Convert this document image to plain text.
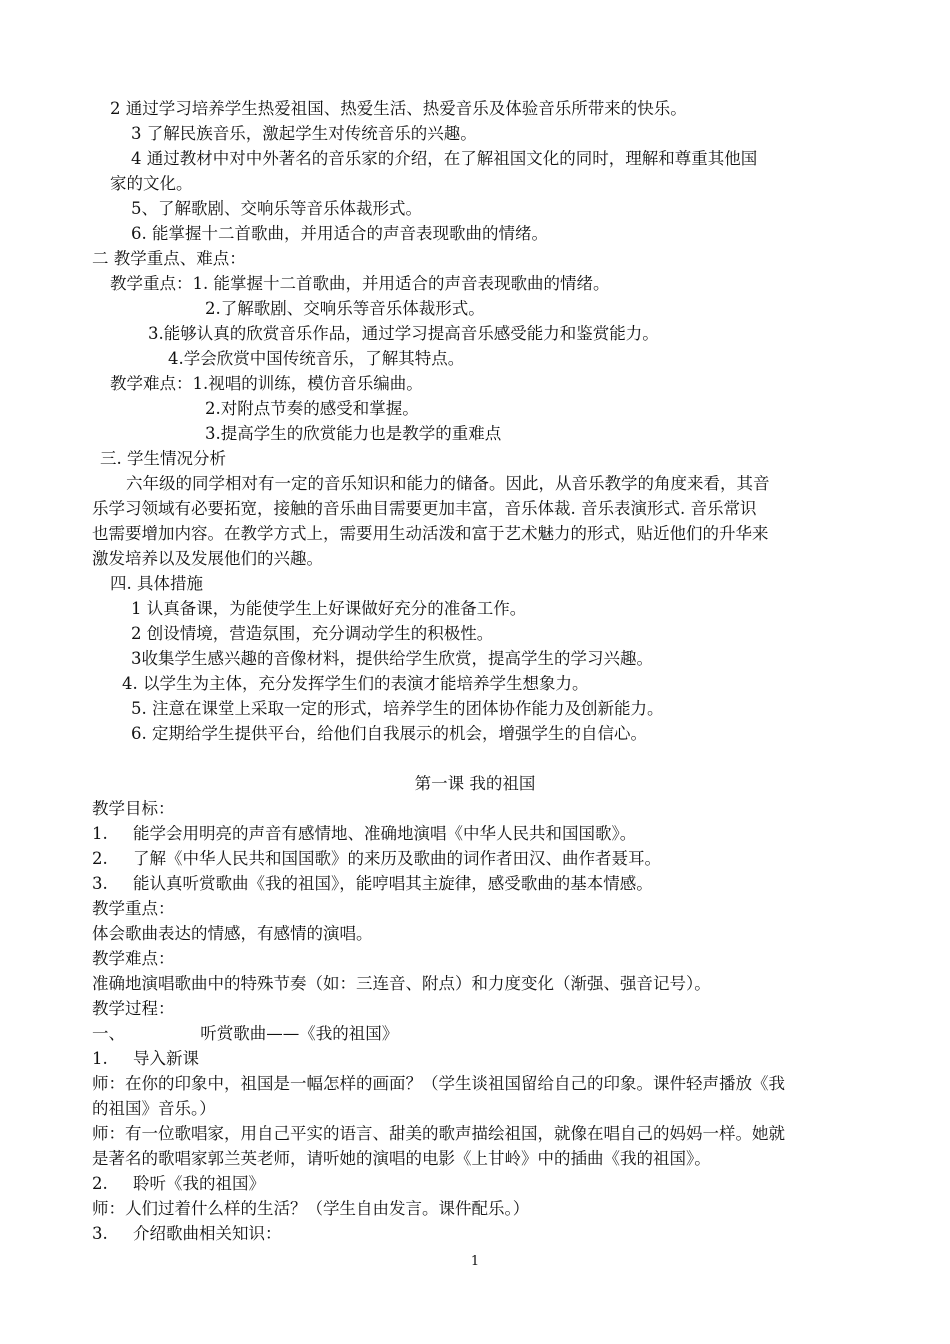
2 通过学习培养学生热爱祖国、热爱生活、热爱音乐及体验音乐所带来的快乐。
3 了解民族音乐，激起学生对传统音乐的兴趣。
4 通过教材中对中外著名的音乐家的介绍，在了解祖国文化的同时，理解和尊重其他国
家的文化。
5、了解歌剧、交响乐等音乐体裁形式。
6. 能掌握十二首歌曲，并用适合的声音表现歌曲的情绪。
二 教学重点、难点：
教学重点：1. 能掌握十二首歌曲，并用适合的声音表现歌曲的情绪。
2.了解歌剧、交响乐等音乐体裁形式。
3.能够认真的欣赏音乐作品，通过学习提高音乐感受能力和鉴赏能力。
4.学会欣赏中国传统音乐，了解其特点。
教学难点：1.视唱的训练，模仿音乐编曲。
2.对附点节奏的感受和掌握。
3.提高学生的欣赏能力也是教学的重难点
三. 学生情况分析
六年级的同学相对有一定的音乐知识和能力的储备。因此，从音乐教学的角度来看，其音
乐学习领域有必要拓宽，接触的音乐曲目需要更加丰富，音乐体裁. 音乐表演形式. 音乐常识
也需要增加内容。在教学方式上，需要用生动活泼和富于艺术魅力的形式，贴近他们的升华来
激发培养以及发展他们的兴趣。
四. 具体措施
1 认真备课，为能使学生上好课做好充分的准备工作。
2 创设情境，营造氛围，充分调动学生的积极性。
3收集学生感兴趣的音像材料，提供给学生欣赏，提高学生的学习兴趣。
4. 以学生为主体，充分发挥学生们的表演才能培养学生想象力。
5. 注意在课堂上采取一定的形式，培养学生的团体协作能力及创新能力。
6. 定期给学生提供平台，给他们自我展示的机会，增强学生的自信心。
第一课 我的祖国
教学目标：
1. 能学会用明亮的声音有感情地、准确地演唱《中华人民共和国国歌》。
2. 了解《中华人民共和国国歌》的来历及歌曲的词作者田汉、曲作者聂耳。
3. 能认真听赏歌曲《我的祖国》，能哼唱其主旋律，感受歌曲的基本情感。
教学重点：
体会歌曲表达的情感，有感情的演唱。
教学难点：
准确地演唱歌曲中的特殊节奏（如：三连音、附点）和力度变化（渐强、强音记号）。
教学过程：
一、	听赏歌曲——《我的祖国》
1. 导入新课
师：在你的印象中，祖国是一幅怎样的画面？（学生谈祖国留给自己的印象。课件轻声播放《我
的祖国》音乐。）
师：有一位歌唱家，用自己平实的语言、甜美的歌声描绘祖国，就像在唱自己的妈妈一样。她就
是著名的歌唱家郭兰英老师，请听她的演唱的电影《上甘岭》中的插曲《我的祖国》。
2. 聆听《我的祖国》
师：人们过着什么样的生活？（学生自由发言。课件配乐。）
3. 介绍歌曲相关知识：
1
